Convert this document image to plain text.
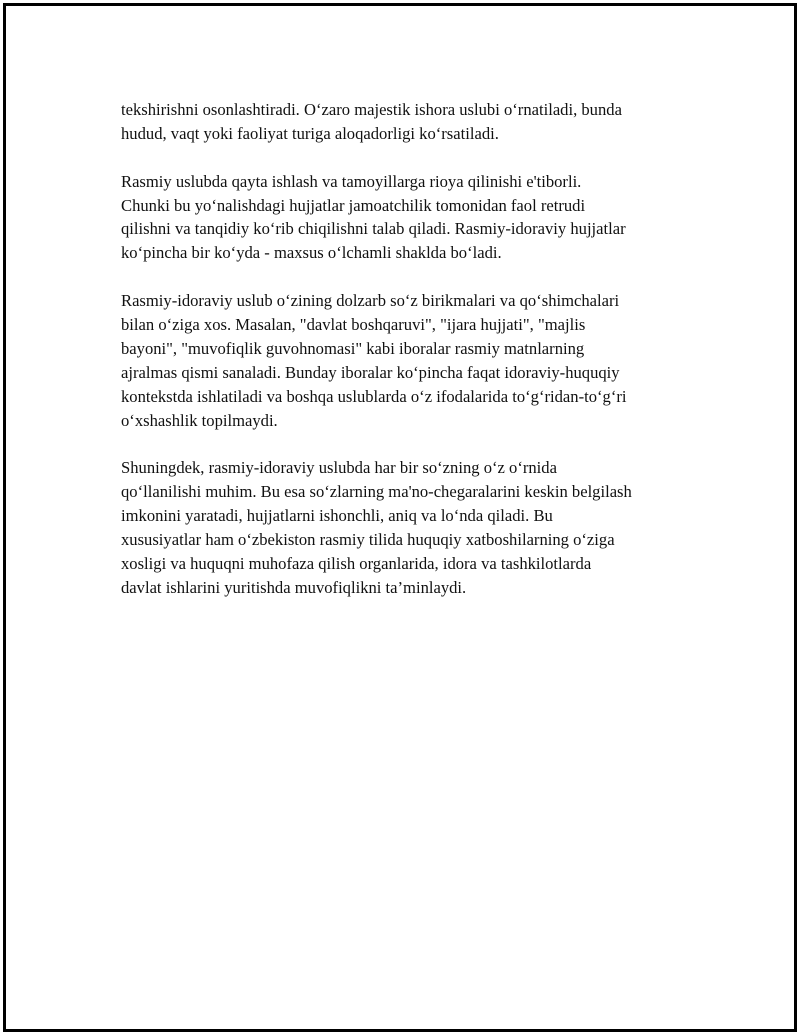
tekshirishni osonlashtiradi. O‘zaro majestik ishora uslubi o‘rnatiladi, bunda
hudud, vaqt yoki faoliyat turiga aloqadorligi ko‘rsatiladi.

Rasmiy uslubda qayta ishlash va tamoyillarga rioya qilinishi e'tiborli.
Chunki bu yo‘nalishdagi hujjatlar jamoatchilik tomonidan faol retrudi
qilishni va tanqidiy ko‘rib chiqilishni talab qiladi. Rasmiy-idoraviy hujjatlar
ko‘pincha bir ko‘yda - maxsus o‘lchamli shaklda bo‘ladi.

Rasmiy-idoraviy uslub o‘zining dolzarb so‘z birikmalari va qo‘shimchalari
bilan o‘ziga xos. Masalan, "davlat boshqaruvi", "ijara hujjati", "majlis
bayoni", "muvofiqlik guvohnomasi" kabi iboralar rasmiy matnlarning
ajralmas qismi sanaladi. Bunday iboralar ko‘pincha faqat idoraviy-huquqiy
kontekstda ishlatiladi va boshqa uslublarda o‘z ifodalarida to‘g‘ridan-to‘g‘ri
o‘xshashlik topilmaydi.

Shuningdek, rasmiy-idoraviy uslubda har bir so‘zning o‘z o‘rnida
qo‘llanilishi muhim. Bu esa so‘zlarning ma'no-chegaralarini keskin belgilash
imkonini yaratadi, hujjatlarni ishonchli, aniq va lo‘nda qiladi. Bu
xususiyatlar ham o‘zbekiston rasmiy tilida huquqiy xatboshilarning o‘ziga
xosligi va huquqni muhofaza qilish organlarida, idora va tashkilotlarda
davlat ishlarini yuritishda muvofiqlikni ta’minlaydi.
